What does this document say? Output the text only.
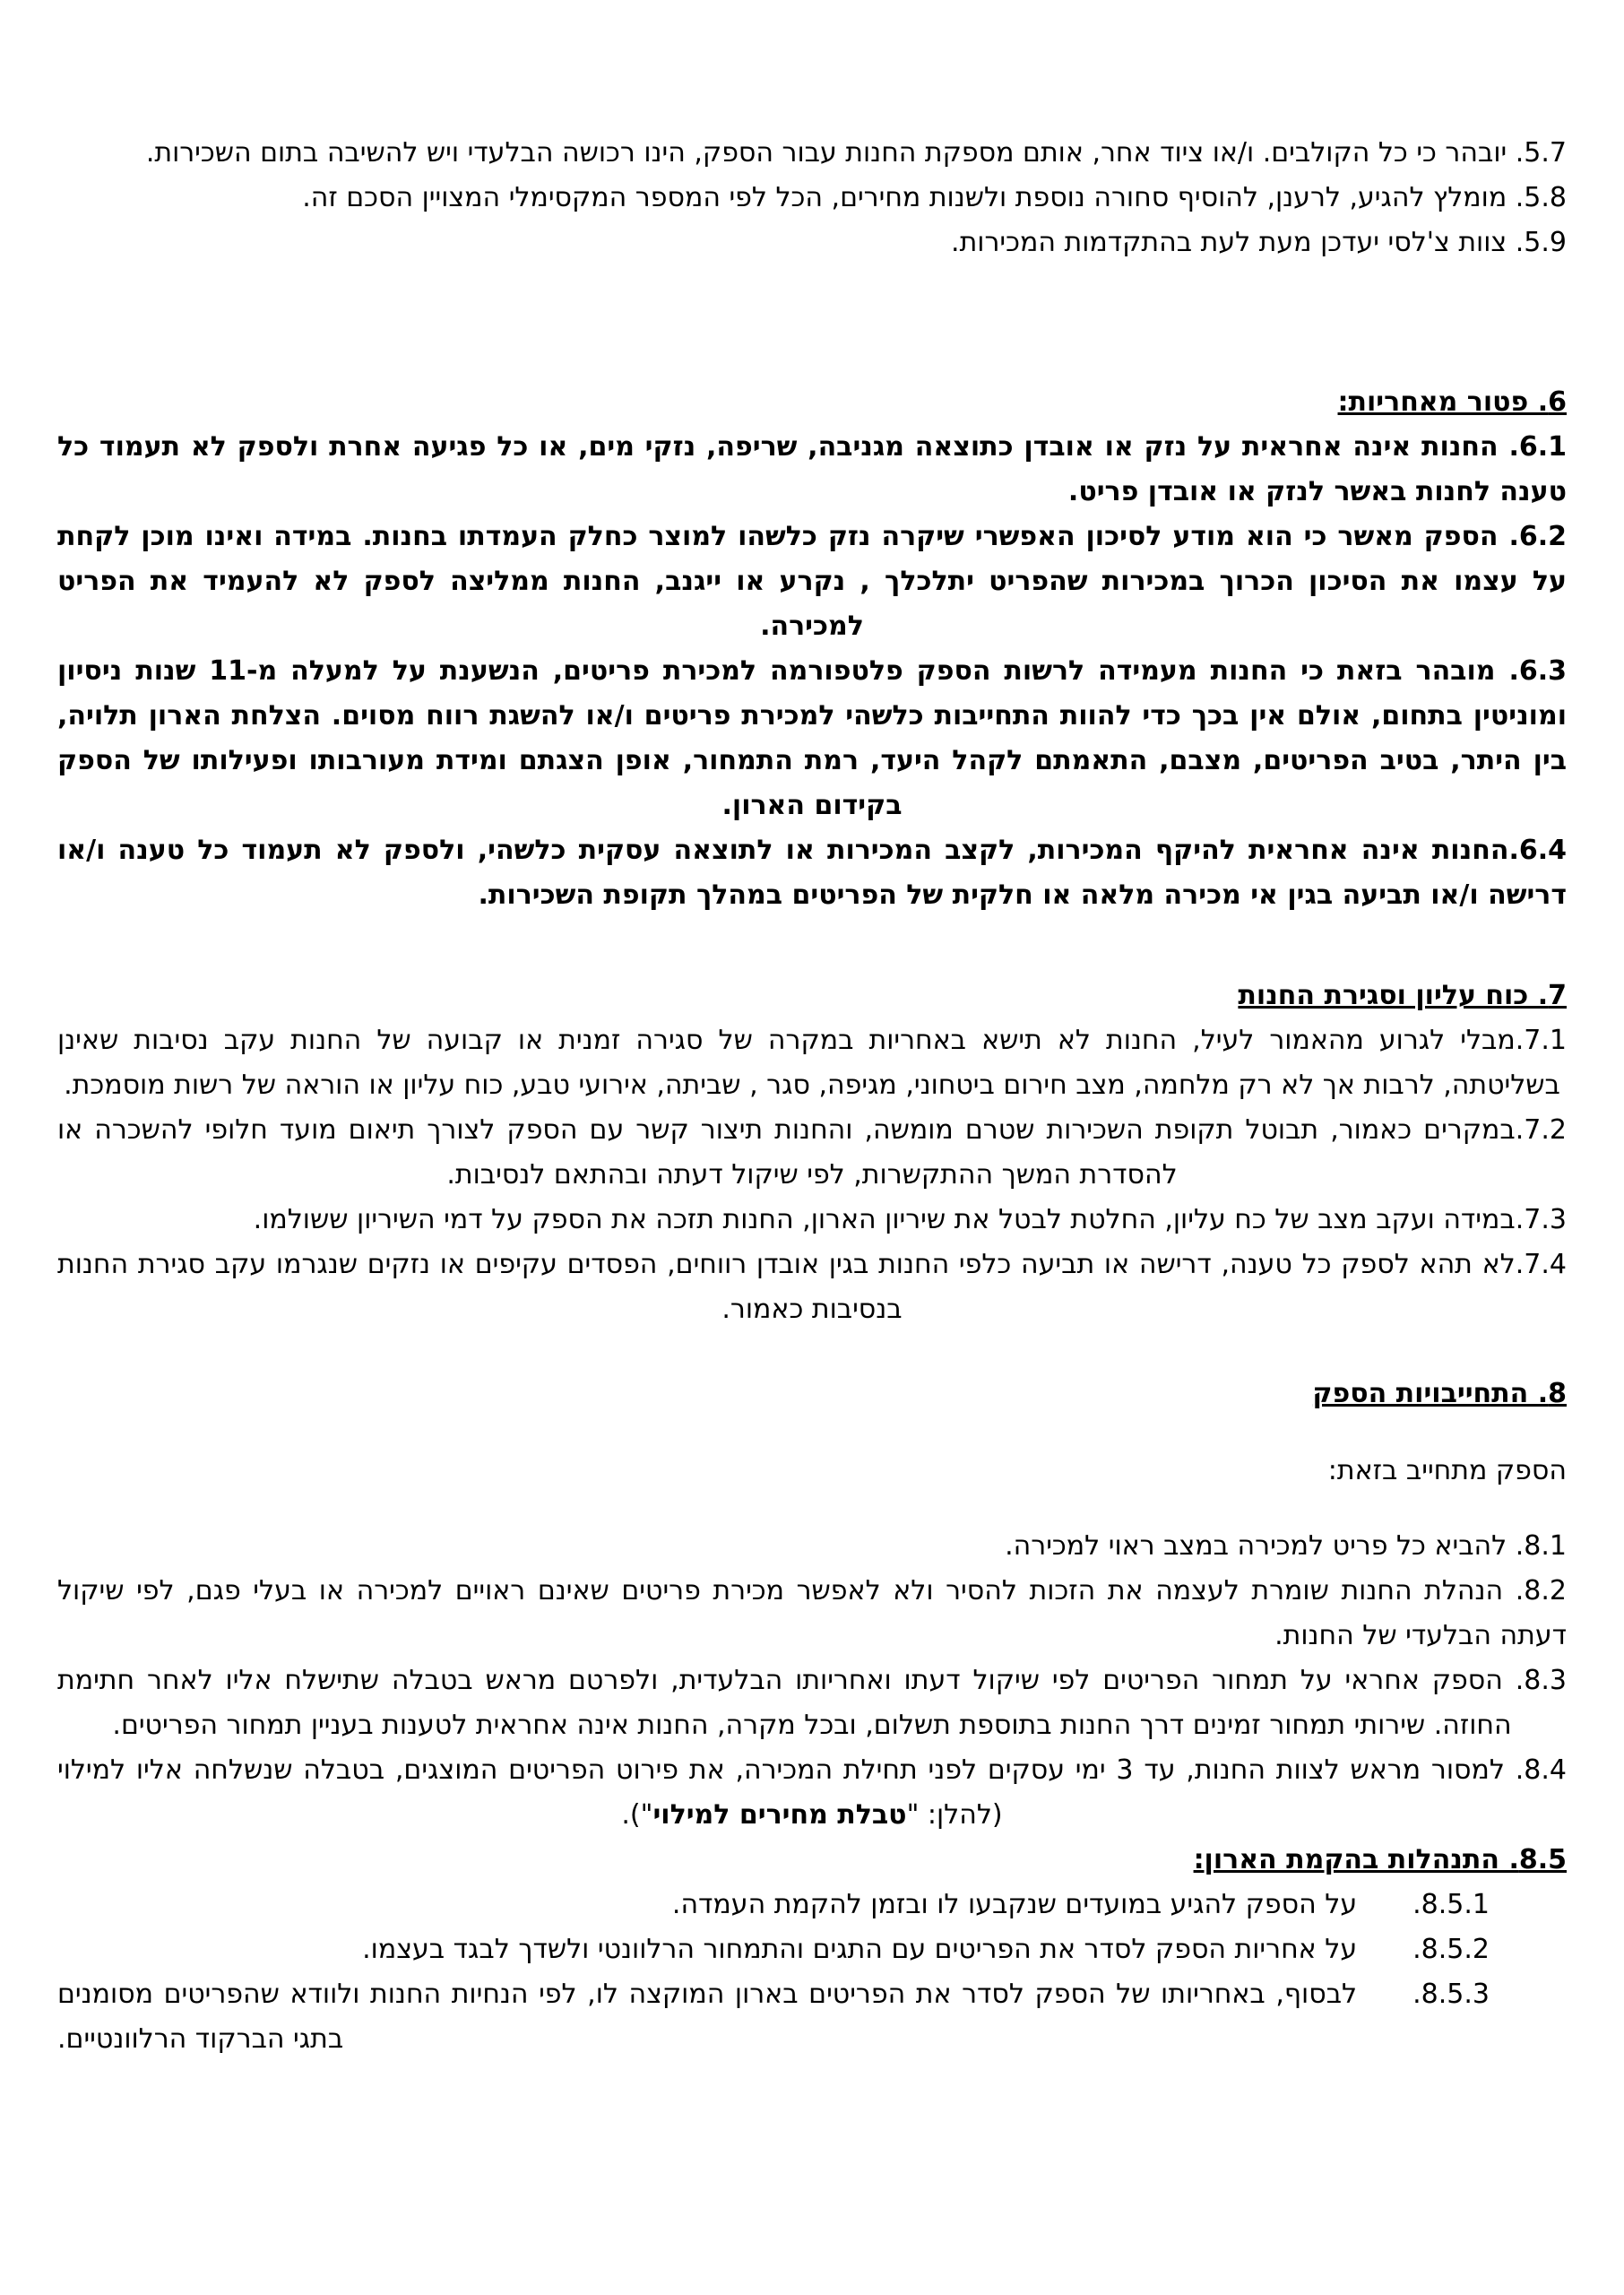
5.7. יובהר כי כל הקולבים. ו/או ציוד אחר, אותם מספקת החנות עבור הספק, הינו רכושה הבלעדי ויש להשיבה בתום השכירות.
5.8. מומלץ להגיע, לרענן, להוסיף סחורה נוספת ולשנות מחירים, הכל לפי המספר המקסימלי המצויין הסכם זה.
5.9. צוות צ'לסי יעדכן מעת לעת בהתקדמות המכירות.
6. פטור מאחריות:
6.1. החנות אינה אחראית על נזק או אובדן כתוצאה מגניבה, שריפה, נזקי מים, או כל פגיעה אחרת ולספק לא תעמוד כל טענה לחנות באשר לנזק או אובדן פריט.
6.2. הספק מאשר כי הוא מודע לסיכון האפשרי שיקרה נזק כלשהו למוצר כחלק העמדתו בחנות. במידה ואינו מוכן לקחת על עצמו את הסיכון הכרוך במכירות שהפריט יתלכלך , נקרע או ייגנב, החנות ממליצה לספק לא להעמיד את הפריט למכירה.
6.3. מובהר בזאת כי החנות מעמידה לרשות הספק פלטפורמה למכירת פריטים, הנשענת על למעלה מ-11 שנות ניסיון ומוניטין בתחום, אולם אין בכך כדי להוות התחייבות כלשהי למכירת פריטים ו/או להשגת רווח מסוים. הצלחת הארון תלויה, בין היתר, בטיב הפריטים, מצבם, התאמתם לקהל היעד, רמת התמחור, אופן הצגתם ומידת מעורבותו ופעילותו של הספק בקידום הארון.
6.4.החנות אינה אחראית להיקף המכירות, לקצב המכירות או לתוצאה עסקית כלשהי, ולספק לא תעמוד כל טענה ו/או דרישה ו/או תביעה בגין אי מכירה מלאה או חלקית של הפריטים במהלך תקופת השכירות.
7. כוח עליון וסגירת החנות
7.1.מבלי לגרוע מהאמור לעיל, החנות לא תישא באחריות במקרה של סגירה זמנית או קבועה של החנות עקב נסיבות שאינן בשליטתה, לרבות אך לא רק מלחמה, מצב חירום ביטחוני, מגיפה, סגר , שביתה, אירועי טבע, כוח עליון או הוראה של רשות מוסמכת.
7.2.במקרים כאמור, תבוטל תקופת השכירות שטרם מומשה, והחנות תיצור קשר עם הספק לצורך תיאום מועד חלופי להשכרה או להסדרת המשך ההתקשרות, לפי שיקול דעתה ובהתאם לנסיבות.
7.3.במידה ועקב מצב של כח עליון, החלטת לבטל את שיריון הארון, החנות תזכה את הספק על דמי השיריון ששולמו.
7.4.לא תהא לספק כל טענה, דרישה או תביעה כלפי החנות בגין אובדן רווחים, הפסדים עקיפים או נזקים שנגרמו עקב סגירת החנות בנסיבות כאמור.
8. התחייבויות הספק
הספק מתחייב בזאת:
8.1. להביא כל פריט למכירה במצב ראוי למכירה.
8.2. הנהלת החנות שומרת לעצמה את הזכות להסיר ולא לאפשר מכירת פריטים שאינם ראויים למכירה או בעלי פגם, לפי שיקול דעתה הבלעדי של החנות.
8.3. הספק אחראי על תמחור הפריטים לפי שיקול דעתו ואחריותו הבלעדית, ולפרטם מראש בטבלה שתישלח אליו לאחר חתימת החוזה. שירותי תמחור זמינים דרך החנות בתוספת תשלום, ובכל מקרה, החנות אינה אחראית לטענות בעניין תמחור הפריטים.
8.4. למסור מראש לצוות החנות, עד 3 ימי עסקים לפני תחילת המכירה, את פירוט הפריטים המוצגים, בטבלה שנשלחה אליו למילוי (להלן: "טבלת מחירים למילוי").
8.5. התנהלות בהקמת הארון:
8.5.1.על הספק להגיע במועדים שנקבעו לו ובזמן להקמת העמדה.
8.5.2.על אחריות הספק לסדר את הפריטים עם התגים והתמחור הרלוונטי ולשדך לבגד בעצמו.
8.5.3.לבסוף, באחריותו של הספק לסדר את הפריטים בארון המוקצה לו, לפי הנחיות החנות ולוודא שהפריטים מסומנים בתגי הברקוד הרלוונטיים.
